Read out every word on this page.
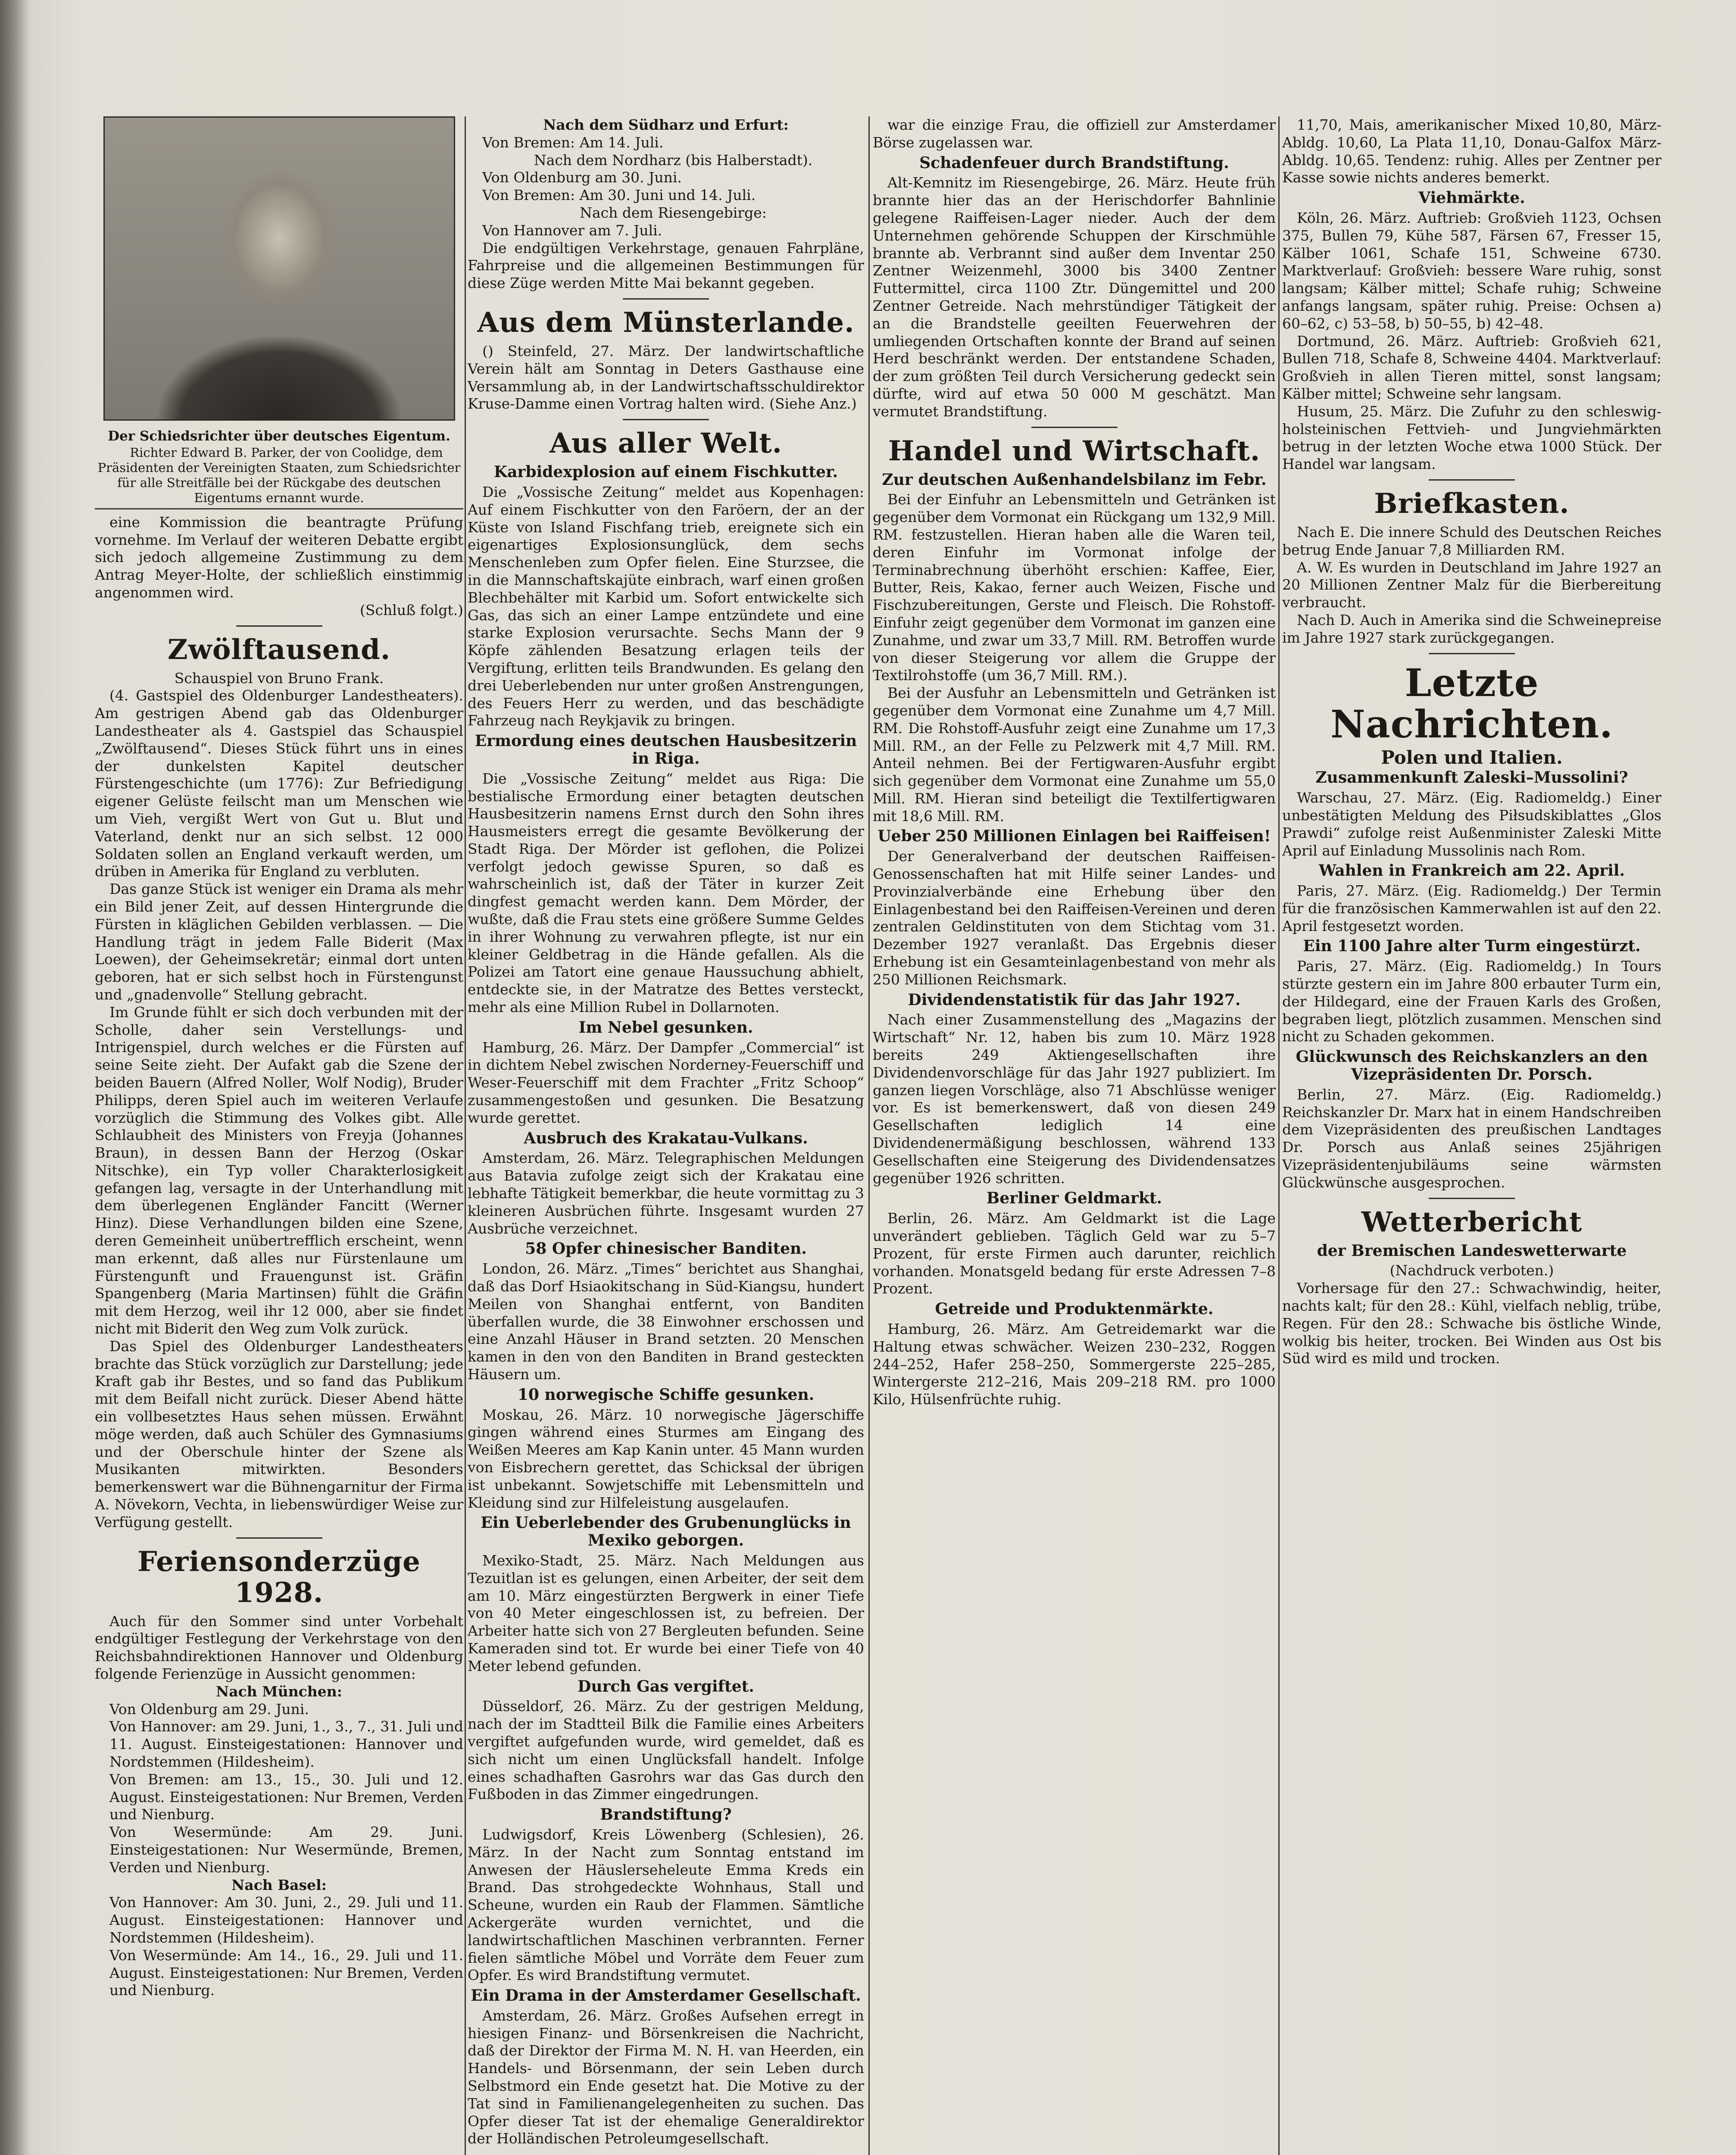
Der Schiedsrichter über deutsches Eigentum.

Richter Edward B. Parker, der von Coolidge, dem Präsidenten der Vereinigten Staaten, zum Schiedsrichter für alle Streitfälle bei der Rückgabe des deutschen Eigentums ernannt wurde.

eine Kommission die beantragte Prüfung vornehme. Im Verlauf der weiteren Debatte ergibt sich jedoch allgemeine Zustimmung zu dem Antrag Meyer-Holte, der schließlich einstimmig angenommen wird.

(Schluß folgt.)

Zwölftausend.

Schauspiel von Bruno Frank.

(4. Gastspiel des Oldenburger Landestheaters). Am gestrigen Abend gab das Oldenburger Landestheater als 4. Gastspiel das Schauspiel „Zwölftausend“. Dieses Stück führt uns in eines der dunkelsten Kapitel deutscher Fürstengeschichte (um 1776): Zur Befriedigung eigener Gelüste feilscht man um Menschen wie um Vieh, vergißt Wert von Gut u. Blut und Vaterland, denkt nur an sich selbst. 12 000 Soldaten sollen an England verkauft werden, um drüben in Amerika für England zu verbluten.

Das ganze Stück ist weniger ein Drama als mehr ein Bild jener Zeit, auf dessen Hintergrunde die Fürsten in kläglichen Gebilden verblassen. — Die Handlung trägt in jedem Falle Biderit (Max Loewen), der Geheimsekretär; einmal dort unten geboren, hat er sich selbst hoch in Fürstengunst und „gnadenvolle“ Stellung gebracht.

Im Grunde fühlt er sich doch verbunden mit der Scholle, daher sein Verstellungs- und Intrigenspiel, durch welches er die Fürsten auf seine Seite zieht. Der Aufakt gab die Szene der beiden Bauern (Alfred Noller, Wolf Nodig), Bruder Philipps, deren Spiel auch im weiteren Verlaufe vorzüglich die Stimmung des Volkes gibt. Alle Schlaubheit des Ministers von Freyja (Johannes Braun), in dessen Bann der Herzog (Oskar Nitschke), ein Typ voller Charakterlosigkeit gefangen lag, versagte in der Unterhandlung mit dem überlegenen Engländer Fancitt (Werner Hinz). Diese Verhandlungen bilden eine Szene, deren Gemeinheit unübertrefflich erscheint, wenn man erkennt, daß alles nur Fürstenlaune um Fürstengunft und Frauengunst ist. Gräfin Spangenberg (Maria Martinsen) fühlt die Gräfin mit dem Herzog, weil ihr 12 000, aber sie findet nicht mit Biderit den Weg zum Volk zurück.

Das Spiel des Oldenburger Landestheaters brachte das Stück vorzüglich zur Darstellung; jede Kraft gab ihr Bestes, und so fand das Publikum mit dem Beifall nicht zurück. Dieser Abend hätte ein vollbesetztes Haus sehen müssen. Erwähnt möge werden, daß auch Schüler des Gymnasiums und der Oberschule hinter der Szene als Musikanten mitwirkten. Besonders bemerkenswert war die Bühnengarnitur der Firma A. Növekorn, Vechta, in liebenswürdiger Weise zur Verfügung gestellt.

Feriensonderzüge 1928.

Auch für den Sommer sind unter Vorbehalt endgültiger Festlegung der Verkehrstage von den Reichsbahndirektionen Hannover und Oldenburg folgende Ferienzüge in Aussicht genommen:

Nach München:

Von Oldenburg am 29. Juni.

Von Hannover: am 29. Juni, 1., 3., 7., 31. Juli und 11. August. Einsteigestationen: Hannover und Nordstemmen (Hildesheim).

Von Bremen: am 13., 15., 30. Juli und 12. August. Einsteigestationen: Nur Bremen, Verden und Nienburg.

Von Wesermünde: Am 29. Juni. Einsteigestationen: Nur Wesermünde, Bremen, Verden und Nienburg.

Nach Basel:

Von Hannover: Am 30. Juni, 2., 29. Juli und 11. August. Einsteigestationen: Hannover und Nordstemmen (Hildesheim).

Von Wesermünde: Am 14., 16., 29. Juli und 11. August. Einsteigestationen: Nur Bremen, Verden und Nienburg.

Nach dem Südharz und Erfurt:

Von Bremen: Am 14. Juli.

Nach dem Nordharz (bis Halberstadt).

Von Oldenburg am 30. Juni.

Von Bremen: Am 30. Juni und 14. Juli.

Nach dem Riesengebirge:

Von Hannover am 7. Juli.

Die endgültigen Verkehrstage, genauen Fahrpläne, Fahrpreise und die allgemeinen Bestimmungen für diese Züge werden Mitte Mai bekannt gegeben.

Aus dem Münsterlande.

() Steinfeld, 27. März. Der landwirtschaftliche Verein hält am Sonntag in Deters Gasthause eine Versammlung ab, in der Landwirtschaftsschuldirektor Kruse-Damme einen Vortrag halten wird. (Siehe Anz.)

Aus aller Welt.
Karbidexplosion auf einem Fischkutter.

Die „Vossische Zeitung“ meldet aus Kopenhagen: Auf einem Fischkutter von den Faröern, der an der Küste von Island Fischfang trieb, ereignete sich ein eigenartiges Explosionsunglück, dem sechs Menschenleben zum Opfer fielen. Eine Sturzsee, die in die Mannschaftskajüte einbrach, warf einen großen Blechbehälter mit Karbid um. Sofort entwickelte sich Gas, das sich an einer Lampe entzündete und eine starke Explosion verursachte. Sechs Mann der 9 Köpfe zählenden Besatzung erlagen teils der Vergiftung, erlitten teils Brandwunden. Es gelang den drei Ueberlebenden nur unter großen Anstrengungen, des Feuers Herr zu werden, und das beschädigte Fahrzeug nach Reykjavik zu bringen.

Ermordung eines deutschen Hausbesitzerin in Riga.

Die „Vossische Zeitung“ meldet aus Riga: Die bestialische Ermordung einer betagten deutschen Hausbesitzerin namens Ernst durch den Sohn ihres Hausmeisters erregt die gesamte Bevölkerung der Stadt Riga. Der Mörder ist geflohen, die Polizei verfolgt jedoch gewisse Spuren, so daß es wahrscheinlich ist, daß der Täter in kurzer Zeit dingfest gemacht werden kann. Dem Mörder, der wußte, daß die Frau stets eine größere Summe Geldes in ihrer Wohnung zu verwahren pflegte, ist nur ein kleiner Geldbetrag in die Hände gefallen. Als die Polizei am Tatort eine genaue Haussuchung abhielt, entdeckte sie, in der Matratze des Bettes versteckt, mehr als eine Million Rubel in Dollarnoten.

Im Nebel gesunken.

Hamburg, 26. März. Der Dampfer „Commercial“ ist in dichtem Nebel zwischen Norderney-Feuerschiff und Weser-Feuerschiff mit dem Frachter „Fritz Schoop“ zusammengestoßen und gesunken. Die Besatzung wurde gerettet.

Ausbruch des Krakatau-Vulkans.

Amsterdam, 26. März. Telegraphischen Meldungen aus Batavia zufolge zeigt sich der Krakatau eine lebhafte Tätigkeit bemerkbar, die heute vormittag zu 3 kleineren Ausbrüchen führte. Insgesamt wurden 27 Ausbrüche verzeichnet.

58 Opfer chinesischer Banditen.

London, 26. März. „Times“ berichtet aus Shanghai, daß das Dorf Hsiaokitschang in Süd-Kiangsu, hundert Meilen von Shanghai entfernt, von Banditen überfallen wurde, die 38 Einwohner erschossen und eine Anzahl Häuser in Brand setzten. 20 Menschen kamen in den von den Banditen in Brand gesteckten Häusern um.

10 norwegische Schiffe gesunken.

Moskau, 26. März. 10 norwegische Jägerschiffe gingen während eines Sturmes am Eingang des Weißen Meeres am Kap Kanin unter. 45 Mann wurden von Eisbrechern gerettet, das Schicksal der übrigen ist unbekannt. Sowjetschiffe mit Lebensmitteln und Kleidung sind zur Hilfeleistung ausgelaufen.

Ein Ueberlebender des Grubenunglücks in Mexiko geborgen.

Mexiko-Stadt, 25. März. Nach Meldungen aus Tezuitlan ist es gelungen, einen Arbeiter, der seit dem am 10. März eingestürzten Bergwerk in einer Tiefe von 40 Meter eingeschlossen ist, zu befreien. Der Arbeiter hatte sich von 27 Bergleuten befunden. Seine Kameraden sind tot. Er wurde bei einer Tiefe von 40 Meter lebend gefunden.

Durch Gas vergiftet.

Düsseldorf, 26. März. Zu der gestrigen Meldung, nach der im Stadtteil Bilk die Familie eines Arbeiters vergiftet aufgefunden wurde, wird gemeldet, daß es sich nicht um einen Unglücksfall handelt. Infolge eines schadhaften Gasrohrs war das Gas durch den Fußboden in das Zimmer eingedrungen.

Brandstiftung?

Ludwigsdorf, Kreis Löwenberg (Schlesien), 26. März. In der Nacht zum Sonntag entstand im Anwesen der Häuslerseheleute Emma Kreds ein Brand. Das strohgedeckte Wohnhaus, Stall und Scheune, wurden ein Raub der Flammen. Sämtliche Ackergeräte wurden vernichtet, und die landwirtschaftlichen Maschinen verbrannten. Ferner fielen sämtliche Möbel und Vorräte dem Feuer zum Opfer. Es wird Brandstiftung vermutet.

Ein Drama in der Amsterdamer Gesellschaft.

Amsterdam, 26. März. Großes Aufsehen erregt in hiesigen Finanz- und Börsenkreisen die Nachricht, daß der Direktor der Firma M. N. H. van Heerden, ein Handels- und Börsenmann, der sein Leben durch Selbstmord ein Ende gesetzt hat. Die Motive zu der Tat sind in Familienangelegenheiten zu suchen. Das Opfer dieser Tat ist der ehemalige Generaldirektor der Holländischen Petroleumgesellschaft.

war die einzige Frau, die offiziell zur Amsterdamer Börse zugelassen war.

Schadenfeuer durch Brandstiftung.

Alt-Kemnitz im Riesengebirge, 26. März. Heute früh brannte hier das an der Herischdorfer Bahnlinie gelegene Raiffeisen-Lager nieder. Auch der dem Unternehmen gehörende Schuppen der Kirschmühle brannte ab. Verbrannt sind außer dem Inventar 250 Zentner Weizenmehl, 3000 bis 3400 Zentner Futtermittel, circa 1100 Ztr. Düngemittel und 200 Zentner Getreide. Nach mehrstündiger Tätigkeit der an die Brandstelle geeilten Feuerwehren der umliegenden Ortschaften konnte der Brand auf seinen Herd beschränkt werden. Der entstandene Schaden, der zum größten Teil durch Versicherung gedeckt sein dürfte, wird auf etwa 50 000 M geschätzt. Man vermutet Brandstiftung.

Handel und Wirtschaft.
Zur deutschen Außenhandelsbilanz im Febr.

Bei der Einfuhr an Lebensmitteln und Getränken ist gegenüber dem Vormonat ein Rückgang um 132,9 Mill. RM. festzustellen. Hieran haben alle die Waren teil, deren Einfuhr im Vormonat infolge der Terminabrechnung überhöht erschien: Kaffee, Eier, Butter, Reis, Kakao, ferner auch Weizen, Fische und Fischzubereitungen, Gerste und Fleisch. Die Rohstoff-Einfuhr zeigt gegenüber dem Vormonat im ganzen eine Zunahme, und zwar um 33,7 Mill. RM. Betroffen wurde von dieser Steigerung vor allem die Gruppe der Textilrohstoffe (um 36,7 Mill. RM.).

Bei der Ausfuhr an Lebensmitteln und Getränken ist gegenüber dem Vormonat eine Zunahme um 4,7 Mill. RM. Die Rohstoff-Ausfuhr zeigt eine Zunahme um 17,3 Mill. RM., an der Felle zu Pelzwerk mit 4,7 Mill. RM. Anteil nehmen. Bei der Fertigwaren-Ausfuhr ergibt sich gegenüber dem Vormonat eine Zunahme um 55,0 Mill. RM. Hieran sind beteiligt die Textilfertigwaren mit 18,6 Mill. RM.

Ueber 250 Millionen Einlagen bei Raiffeisen!

Der Generalverband der deutschen Raiffeisen-Genossenschaften hat mit Hilfe seiner Landes- und Provinzialverbände eine Erhebung über den Einlagenbestand bei den Raiffeisen-Vereinen und deren zentralen Geldinstituten von dem Stichtag vom 31. Dezember 1927 veranlaßt. Das Ergebnis dieser Erhebung ist ein Gesamteinlagenbestand von mehr als 250 Millionen Reichsmark.

Dividendenstatistik für das Jahr 1927.

Nach einer Zusammenstellung des „Magazins der Wirtschaft“ Nr. 12, haben bis zum 10. März 1928 bereits 249 Aktiengesellschaften ihre Dividendenvorschläge für das Jahr 1927 publiziert. Im ganzen liegen Vorschläge, also 71 Abschlüsse weniger vor. Es ist bemerkenswert, daß von diesen 249 Gesellschaften lediglich 14 eine Dividendenermäßigung beschlossen, während 133 Gesellschaften eine Steigerung des Dividendensatzes gegenüber 1926 schritten.

Berliner Geldmarkt.

Berlin, 26. März. Am Geldmarkt ist die Lage unverändert geblieben. Täglich Geld war zu 5–7 Prozent, für erste Firmen auch darunter, reichlich vorhanden. Monatsgeld bedang für erste Adressen 7–8 Prozent.

Getreide und Produktenmärkte.

Hamburg, 26. März. Am Getreidemarkt war die Haltung etwas schwächer. Weizen 230–232, Roggen 244–252, Hafer 258–250, Sommergerste 225–285, Wintergerste 212–216, Mais 209–218 RM. pro 1000 Kilo, Hülsenfrüchte ruhig.

11,70, Mais, amerikanischer Mixed 10,80, März-Abldg. 10,60, La Plata 11,10, Donau-Galfox März-Abldg. 10,65. Tendenz: ruhig. Alles per Zentner per Kasse sowie nichts anderes bemerkt.

Viehmärkte.

Köln, 26. März. Auftrieb: Großvieh 1123, Ochsen 375, Bullen 79, Kühe 587, Färsen 67, Fresser 15, Kälber 1061, Schafe 151, Schweine 6730. Marktverlauf: Großvieh: bessere Ware ruhig, sonst langsam; Kälber mittel; Schafe ruhig; Schweine anfangs langsam, später ruhig. Preise: Ochsen a) 60–62, c) 53–58, b) 50–55, b) 42–48.

Dortmund, 26. März. Auftrieb: Großvieh 621, Bullen 718, Schafe 8, Schweine 4404. Marktverlauf: Großvieh in allen Tieren mittel, sonst langsam; Kälber mittel; Schweine sehr langsam.

Husum, 25. März. Die Zufuhr zu den schleswig-holsteinischen Fettvieh- und Jungviehmärkten betrug in der letzten Woche etwa 1000 Stück. Der Handel war langsam.

Briefkasten.

Nach E. Die innere Schuld des Deutschen Reiches betrug Ende Januar 7,8 Milliarden RM.

A. W. Es wurden in Deutschland im Jahre 1927 an 20 Millionen Zentner Malz für die Bierbereitung verbraucht.

Nach D. Auch in Amerika sind die Schweinepreise im Jahre 1927 stark zurückgegangen.

Letzte Nachrichten.
Polen und Italien.
Zusammenkunft Zaleski–Mussolini?

Warschau, 27. März. (Eig. Radiomeldg.) Einer unbestätigten Meldung des Piłsudskiblattes „Glos Prawdi“ zufolge reist Außenminister Zaleski Mitte April auf Einladung Mussolinis nach Rom.

Wahlen in Frankreich am 22. April.

Paris, 27. März. (Eig. Radiomeldg.) Der Termin für die französischen Kammerwahlen ist auf den 22. April festgesetzt worden.

Ein 1100 Jahre alter Turm eingestürzt.

Paris, 27. März. (Eig. Radiomeldg.) In Tours stürzte gestern ein im Jahre 800 erbauter Turm ein, der Hildegard, eine der Frauen Karls des Großen, begraben liegt, plötzlich zusammen. Menschen sind nicht zu Schaden gekommen.

Glückwunsch des Reichskanzlers an den Vizepräsidenten Dr. Porsch.

Berlin, 27. März. (Eig. Radiomeldg.) Reichskanzler Dr. Marx hat in einem Handschreiben dem Vizepräsidenten des preußischen Landtages Dr. Porsch aus Anlaß seines 25jährigen Vizepräsidentenjubiläums seine wärmsten Glückwünsche ausgesprochen.

Wetterbericht
der Bremischen Landeswetterwarte

(Nachdruck verboten.)

Vorhersage für den 27.: Schwachwindig, heiter, nachts kalt; für den 28.: Kühl, vielfach neblig, trübe, Regen. Für den 28.: Schwache bis östliche Winde, wolkig bis heiter, trocken. Bei Winden aus Ost bis Süd wird es mild und trocken.
